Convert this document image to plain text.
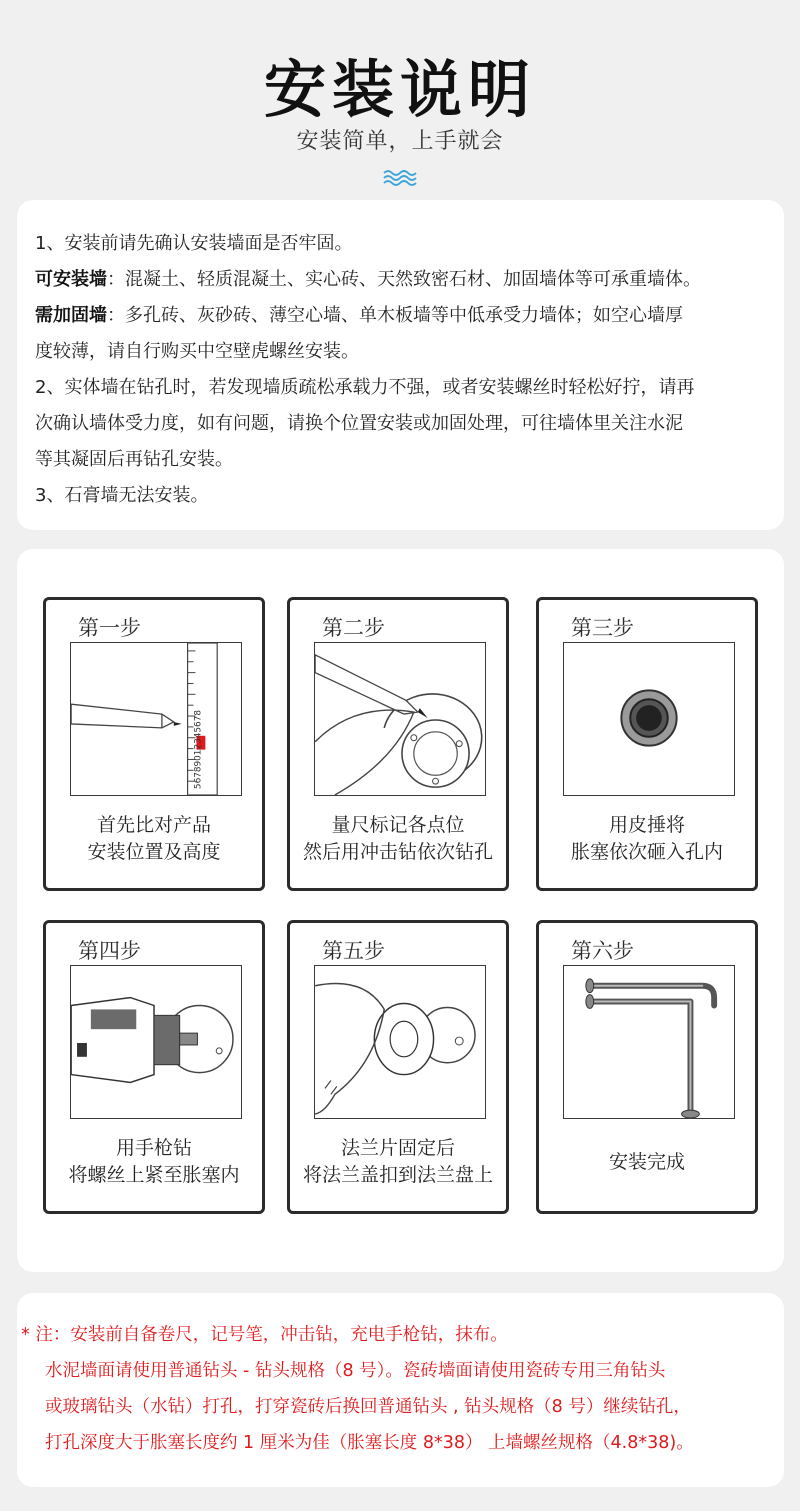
安装说明
安装简单，上手就会

1、安装前请先确认安装墙面是否牢固。

可安装墙：混凝土、轻质混凝土、实心砖、天然致密石材、加固墙体等可承重墙体。

需加固墙：多孔砖、灰砂砖、薄空心墙、单木板墙等中低承受力墙体；如空心墙厚

度较薄，请自行购买中空壁虎螺丝安装。

2、实体墙在钻孔时，若发现墙质疏松承载力不强，或者安装螺丝时轻松好拧，请再

次确认墙体受力度，如有问题，请换个位置安装或加固处理，可往墙体里关注水泥

等其凝固后再钻孔安装。

3、石膏墙无法安装。

第一步
56789012345678
首先比对产品
安装位置及高度
第二步
量尺标记各点位
然后用冲击钻依次钻孔
第三步
用皮捶将
胀塞依次砸入孔内
第四步
用手枪钻
将螺丝上紧至胀塞内
第五步
法兰片固定后
将法兰盖扣到法兰盘上
第六步
安装完成

* 注：安装前自备卷尺，记号笔，冲击钻，充电手枪钻，抹布。

水泥墙面请使用普通钻头 - 钻头规格（8 号）。瓷砖墙面请使用瓷砖专用三角钻头

或玻璃钻头（水钻）打孔，打穿瓷砖后换回普通钻头 , 钻头规格（8 号）继续钻孔，

打孔深度大于胀塞长度约 1 厘米为佳（胀塞长度 8*38） 上墙螺丝规格（4.8*38)。
